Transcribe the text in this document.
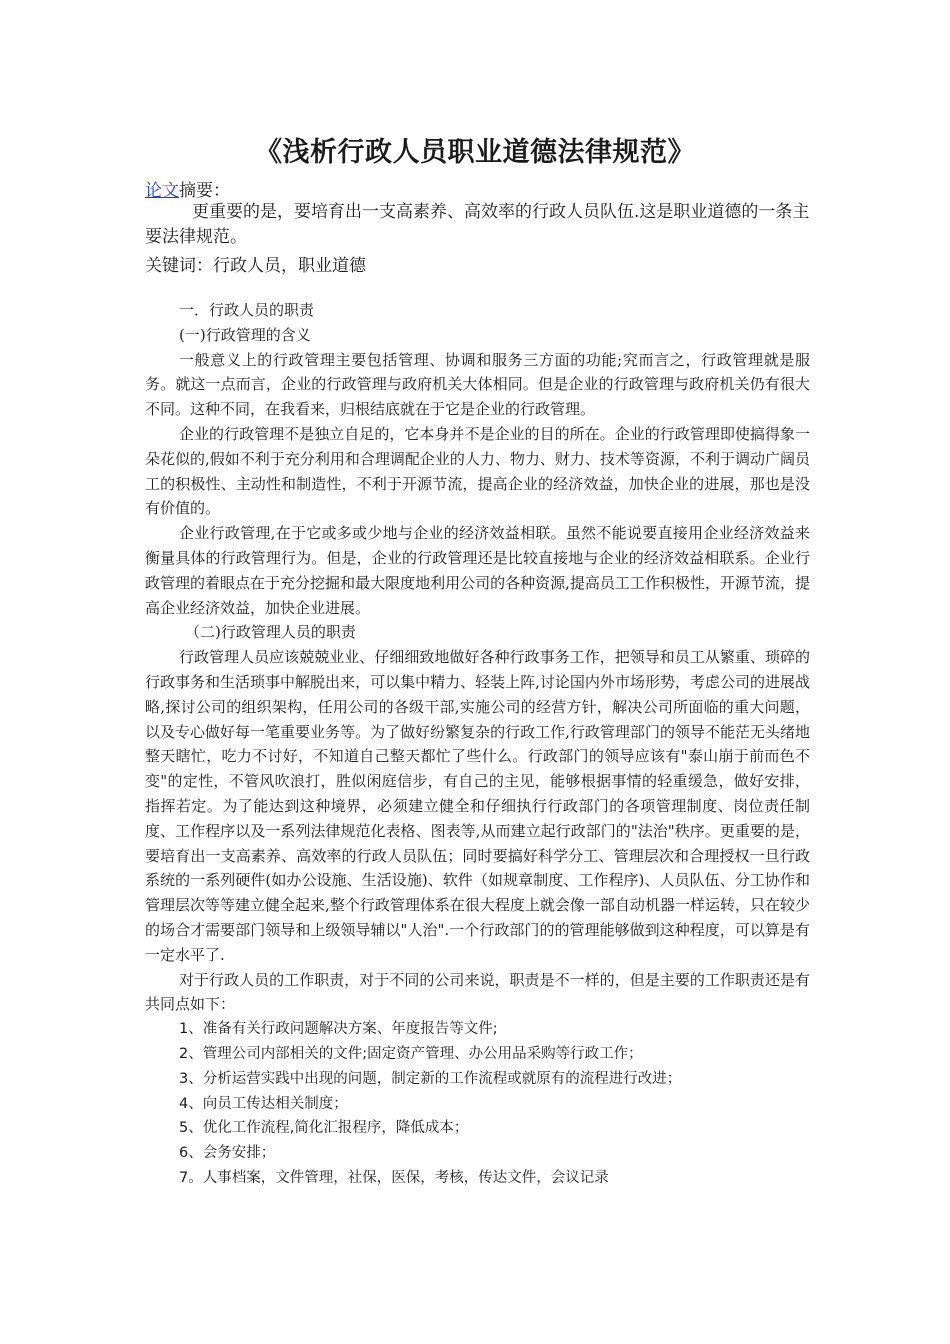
《浅析行政人员职业道德法律规范》
论文摘要：
更重要的是，要培育出一支高素养、高效率的行政人员队伍.这是职业道德的一条主要法律规范。
关键词：行政人员，职业道德

一．行政人员的职责

(一)行政管理的含义

一般意义上的行政管理主要包括管理、协调和服务三方面的功能;究而言之，行政管理就是服务。就这一点而言，企业的行政管理与政府机关大体相同。但是企业的行政管理与政府机关仍有很大不同。这种不同，在我看来，归根结底就在于它是企业的行政管理。

企业的行政管理不是独立自足的，它本身并不是企业的目的所在。企业的行政管理即使搞得象一朵花似的,假如不利于充分利用和合理调配企业的人力、物力、财力、技术等资源，不利于调动广阔员工的积极性、主动性和制造性，不利于开源节流，提高企业的经济效益，加快企业的进展，那也是没有价值的。

企业行政管理,在于它或多或少地与企业的经济效益相联。虽然不能说要直接用企业经济效益来衡量具体的行政管理行为。但是，企业的行政管理还是比较直接地与企业的经济效益相联系。企业行政管理的着眼点在于充分挖掘和最大限度地利用公司的各种资源,提高员工工作积极性，开源节流，提高企业经济效益，加快企业进展。

（二)行政管理人员的职责

行政管理人员应该兢兢业业、仔细细致地做好各种行政事务工作，把领导和员工从繁重、琐碎的行政事务和生活琐事中解脱出来，可以集中精力、轻装上阵,讨论国内外市场形势，考虑公司的进展战略,探讨公司的组织架构，任用公司的各级干部,实施公司的经营方针，解决公司所面临的重大问题，以及专心做好每一笔重要业务等。为了做好纷繁复杂的行政工作,行政管理部门的领导不能茫无头绪地整天瞎忙，吃力不讨好，不知道自己整天都忙了些什么。行政部门的领导应该有"泰山崩于前而色不变"的定性，不管风吹浪打，胜似闲庭信步，有自己的主见，能够根据事情的轻重缓急，做好安排，指挥若定。为了能达到这种境界，必须建立健全和仔细执行行政部门的各项管理制度、岗位责任制度、工作程序以及一系列法律规范化表格、图表等,从而建立起行政部门的"法治"秩序。更重要的是，要培育出一支高素养、高效率的行政人员队伍；同时要搞好科学分工、管理层次和合理授权一旦行政系统的一系列硬件(如办公设施、生活设施)、软件（如规章制度、工作程序)、人员队伍、分工协作和管理层次等等建立健全起来,整个行政管理体系在很大程度上就会像一部自动机器一样运转，只在较少的场合才需要部门领导和上级领导辅以"人治".一个行政部门的的管理能够做到这种程度，可以算是有一定水平了.

对于行政人员的工作职责，对于不同的公司来说，职责是不一样的，但是主要的工作职责还是有共同点如下：

1、准备有关行政问题解决方案、年度报告等文件;

2、管理公司内部相关的文件;固定资产管理、办公用品采购等行政工作；

3、分析运营实践中出现的问题，制定新的工作流程或就原有的流程进行改进；

4、向员工传达相关制度；

5、优化工作流程,简化汇报程序，降低成本；

6、会务安排；

7。人事档案，文件管理，社保，医保，考核，传达文件，会议记录
